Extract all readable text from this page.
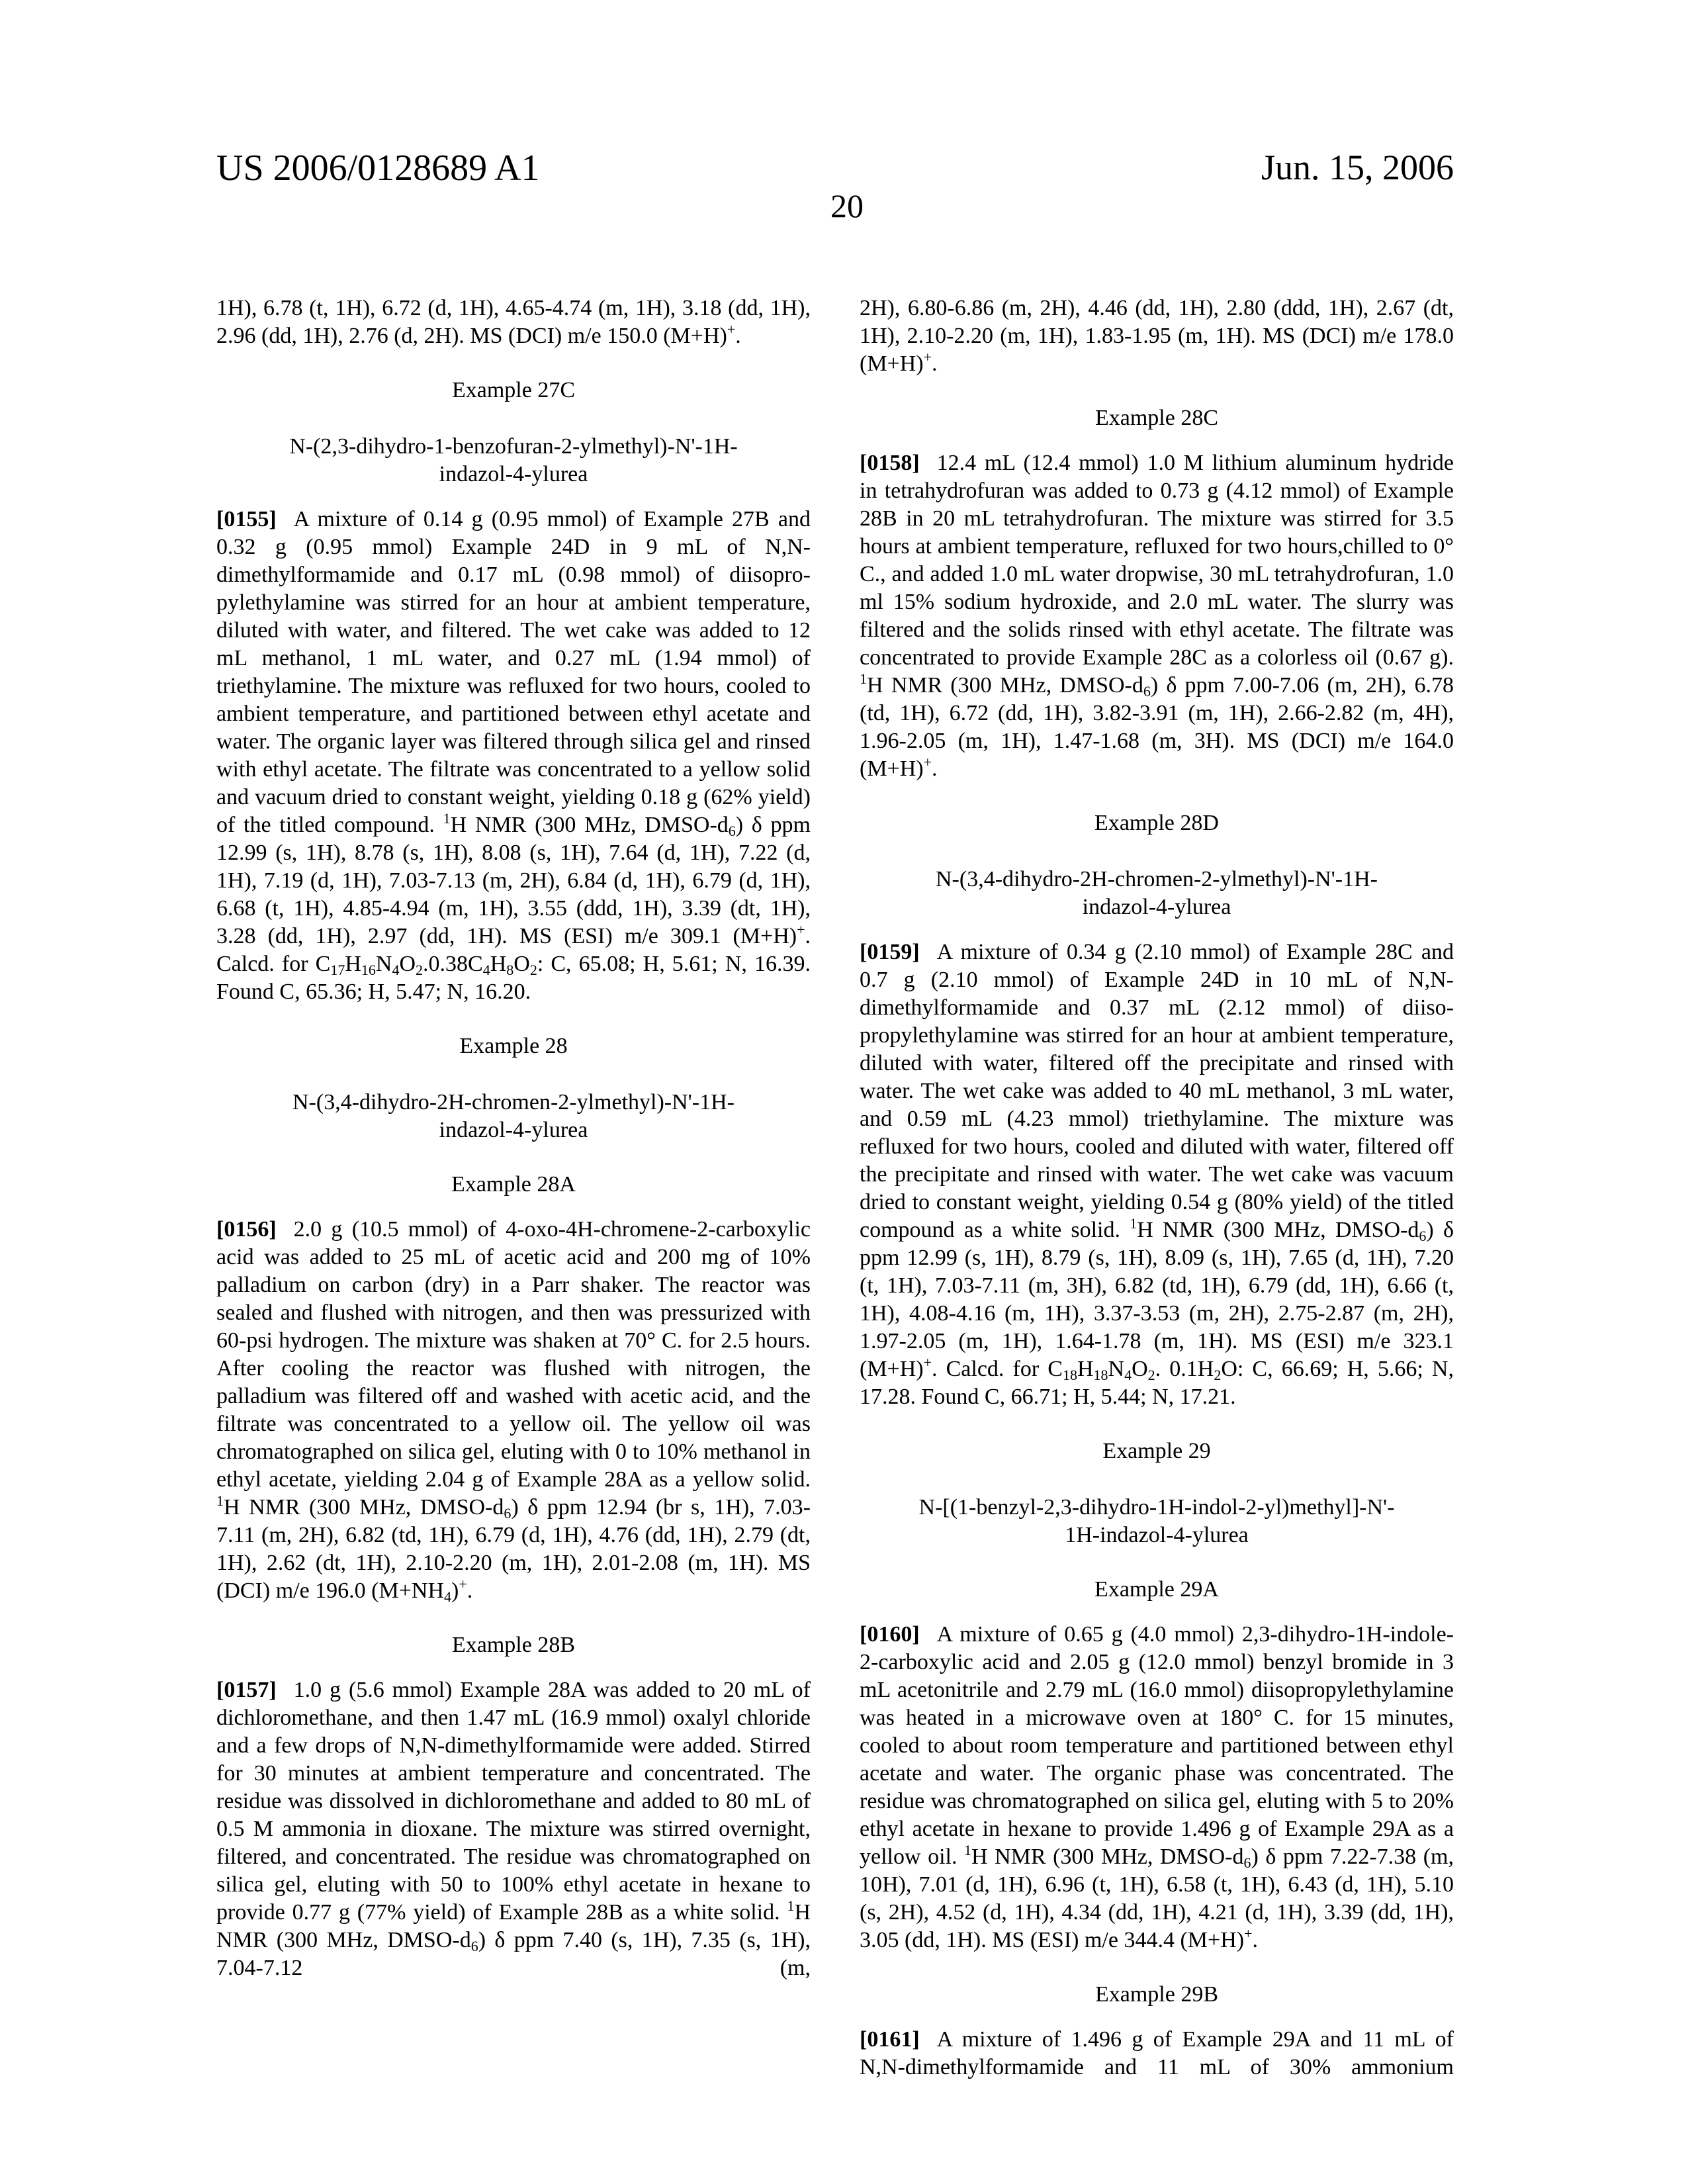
US 2006/0128689 A1	Jun. 15, 2006
20
1H), 6.78 (t, 1H), 6.72 (d, 1H), 4.65-4.74 (m, 1H), 3.18 (dd, 1H), 2.96 (dd, 1H), 2.76 (d, 2H). MS (DCI) m/e 150.0 (M+H)+.
Example 27C
N-(2,3-dihydro-1-benzofuran-2-ylmethyl)-N'-1H-
indazol-4-ylurea
[0155] A mixture of 0.14 g (0.95 mmol) of Example 27B and 0.32 g (0.95 mmol) Example 24D in 9 mL of N,N-dimethylformamide and 0.17 mL (0.98 mmol) of diisopro­pylethylamine was stirred for an hour at ambient tempera­ture, diluted with water, and filtered. The wet cake was added to 12 mL methanol, 1 mL water, and 0.27 mL (1.94 mmol) of triethylamine. The mixture was refluxed for two hours, cooled to ambient temperature, and partitioned between ethyl acetate and water. The organic layer was filtered through silica gel and rinsed with ethyl acetate. The filtrate was concentrated to a yellow solid and vacuum dried to constant weight, yielding 0.18 g (62% yield) of the titled compound. 1H NMR (300 MHz, DMSO-d6) δ ppm 12.99 (s, 1H), 8.78 (s, 1H), 8.08 (s, 1H), 7.64 (d, 1H), 7.22 (d, 1H), 7.19 (d, 1H), 7.03-7.13 (m, 2H), 6.84 (d, 1H), 6.79 (d, 1H), 6.68 (t, 1H), 4.85-4.94 (m, 1H), 3.55 (ddd, 1H), 3.39 (dt, 1H), 3.28 (dd, 1H), 2.97 (dd, 1H). MS (ESI) m/e 309.1 (M+H)+. Calcd. for C17H16N4O2.0.38C4H8O2: C, 65.08; H, 5.61; N, 16.39. Found C, 65.36; H, 5.47; N, 16.20.
Example 28
N-(3,4-dihydro-2H-chromen-2-ylmethyl)-N'-1H-
indazol-4-ylurea
Example 28A
[0156] 2.0 g (10.5 mmol) of 4-oxo-4H-chromene-2-car­boxylic acid was added to 25 mL of acetic acid and 200 mg of 10% palladium on carbon (dry) in a Parr shaker. The reactor was sealed and flushed with nitrogen, and then was pressurized with 60-psi hydrogen. The mixture was shaken at 70° C. for 2.5 hours. After cooling the reactor was flushed with nitrogen, the palladium was filtered off and washed with acetic acid, and the filtrate was concentrated to a yellow oil. The yellow oil was chromatographed on silica gel, eluting with 0 to 10% methanol in ethyl acetate, yielding 2.04 g of Example 28A as a yellow solid. 1H NMR (300 MHz, DMSO-d6) δ ppm 12.94 (br s, 1H), 7.03-7.11 (m, 2H), 6.82 (td, 1H), 6.79 (d, 1H), 4.76 (dd, 1H), 2.79 (dt, 1H), 2.62 (dt, 1H), 2.10-2.20 (m, 1H), 2.01-2.08 (m, 1H). MS (DCI) m/e 196.0 (M+NH4)+.
Example 28B
[0157] 1.0 g (5.6 mmol) Example 28A was added to 20 mL of dichloromethane, and then 1.47 mL (16.9 mmol) oxalyl chloride and a few drops of N,N-dimethylformamide were added. Stirred for 30 minutes at ambient temperature and concentrated. The residue was dissolved in dichloromethane and added to 80 mL of 0.5 M ammonia in dioxane. The mixture was stirred overnight, filtered, and concentrated. The residue was chromatographed on silica gel, eluting with 50 to 100% ethyl acetate in hexane to provide 0.77 g (77% yield) of Example 28B as a white solid. 1H NMR (300 MHz, DMSO-d6) δ ppm 7.40 (s, 1H), 7.35 (s, 1H), 7.04-7.12 (m,
2H), 6.80-6.86 (m, 2H), 4.46 (dd, 1H), 2.80 (ddd, 1H), 2.67 (dt, 1H), 2.10-2.20 (m, 1H), 1.83-1.95 (m, 1H). MS (DCI) m/e 178.0 (M+H)+.
Example 28C
[0158] 12.4 mL (12.4 mmol) 1.0 M lithium aluminum hydride in tetrahydrofuran was added to 0.73 g (4.12 mmol) of Example 28B in 20 mL tetrahydrofuran. The mixture was stirred for 3.5 hours at ambient temperature, refluxed for two hours,chilled to 0° C., and added 1.0 mL water dropwise, 30 mL tetrahydrofuran, 1.0 ml 15% sodium hydroxide, and 2.0 mL water. The slurry was filtered and the solids rinsed with ethyl acetate. The filtrate was concentrated to provide Example 28C as a colorless oil (0.67 g). 1H NMR (300 MHz, DMSO-d6) δ ppm 7.00-7.06 (m, 2H), 6.78 (td, 1H), 6.72 (dd, 1H), 3.82-3.91 (m, 1H), 2.66-2.82 (m, 4H), 1.96-2.05 (m, 1H), 1.47-1.68 (m, 3H). MS (DCI) m/e 164.0 (M+H)+.
Example 28D
N-(3,4-dihydro-2H-chromen-2-ylmethyl)-N'-1H-
indazol-4-ylurea
[0159] A mixture of 0.34 g (2.10 mmol) of Example 28C and 0.7 g (2.10 mmol) of Example 24D in 10 mL of N,N-dimethylformamide and 0.37 mL (2.12 mmol) of diiso­propylethylamine was stirred for an hour at ambient tem­perature, diluted with water, filtered off the precipitate and rinsed with water. The wet cake was added to 40 mL methanol, 3 mL water, and 0.59 mL (4.23 mmol) triethy­lamine. The mixture was refluxed for two hours, cooled and diluted with water, filtered off the precipitate and rinsed with water. The wet cake was vacuum dried to constant weight, yielding 0.54 g (80% yield) of the titled compound as a white solid. 1H NMR (300 MHz, DMSO-d6) δ ppm 12.99 (s, 1H), 8.79 (s, 1H), 8.09 (s, 1H), 7.65 (d, 1H), 7.20 (t, 1H), 7.03-7.11 (m, 3H), 6.82 (td, 1H), 6.79 (dd, 1H), 6.66 (t, 1H), 4.08-4.16 (m, 1H), 3.37-3.53 (m, 2H), 2.75-2.87 (m, 2H), 1.97-2.05 (m, 1H), 1.64-1.78 (m, 1H). MS (ESI) m/e 323.1 (M+H)+. Calcd. for C18H18N4O2. 0.1H2O: C, 66.69; H, 5.66; N, 17.28. Found C, 66.71; H, 5.44; N, 17.21.
Example 29
N-[(1-benzyl-2,3-dihydro-1H-indol-2-yl)methyl]-N'-
1H-indazol-4-ylurea
Example 29A
[0160] A mixture of 0.65 g (4.0 mmol) 2,3-dihydro-1H-indole-2-carboxylic acid and 2.05 g (12.0 mmol) benzyl bromide in 3 mL acetonitrile and 2.79 mL (16.0 mmol) diisopropylethylamine was heated in a microwave oven at 180° C. for 15 minutes, cooled to about room temperature and partitioned between ethyl acetate and water. The organic phase was concentrated. The residue was chromatographed on silica gel, eluting with 5 to 20% ethyl acetate in hexane to provide 1.496 g of Example 29A as a yellow oil. 1H NMR (300 MHz, DMSO-d6) δ ppm 7.22-7.38 (m, 10H), 7.01 (d, 1H), 6.96 (t, 1H), 6.58 (t, 1H), 6.43 (d, 1H), 5.10 (s, 2H), 4.52 (d, 1H), 4.34 (dd, 1H), 4.21 (d, 1H), 3.39 (dd, 1H), 3.05 (dd, 1H). MS (ESI) m/e 344.4 (M+H)+.
Example 29B
[0161] A mixture of 1.496 g of Example 29A and 11 mL of N,N-dimethylformamide and 11 mL of 30% ammonium
